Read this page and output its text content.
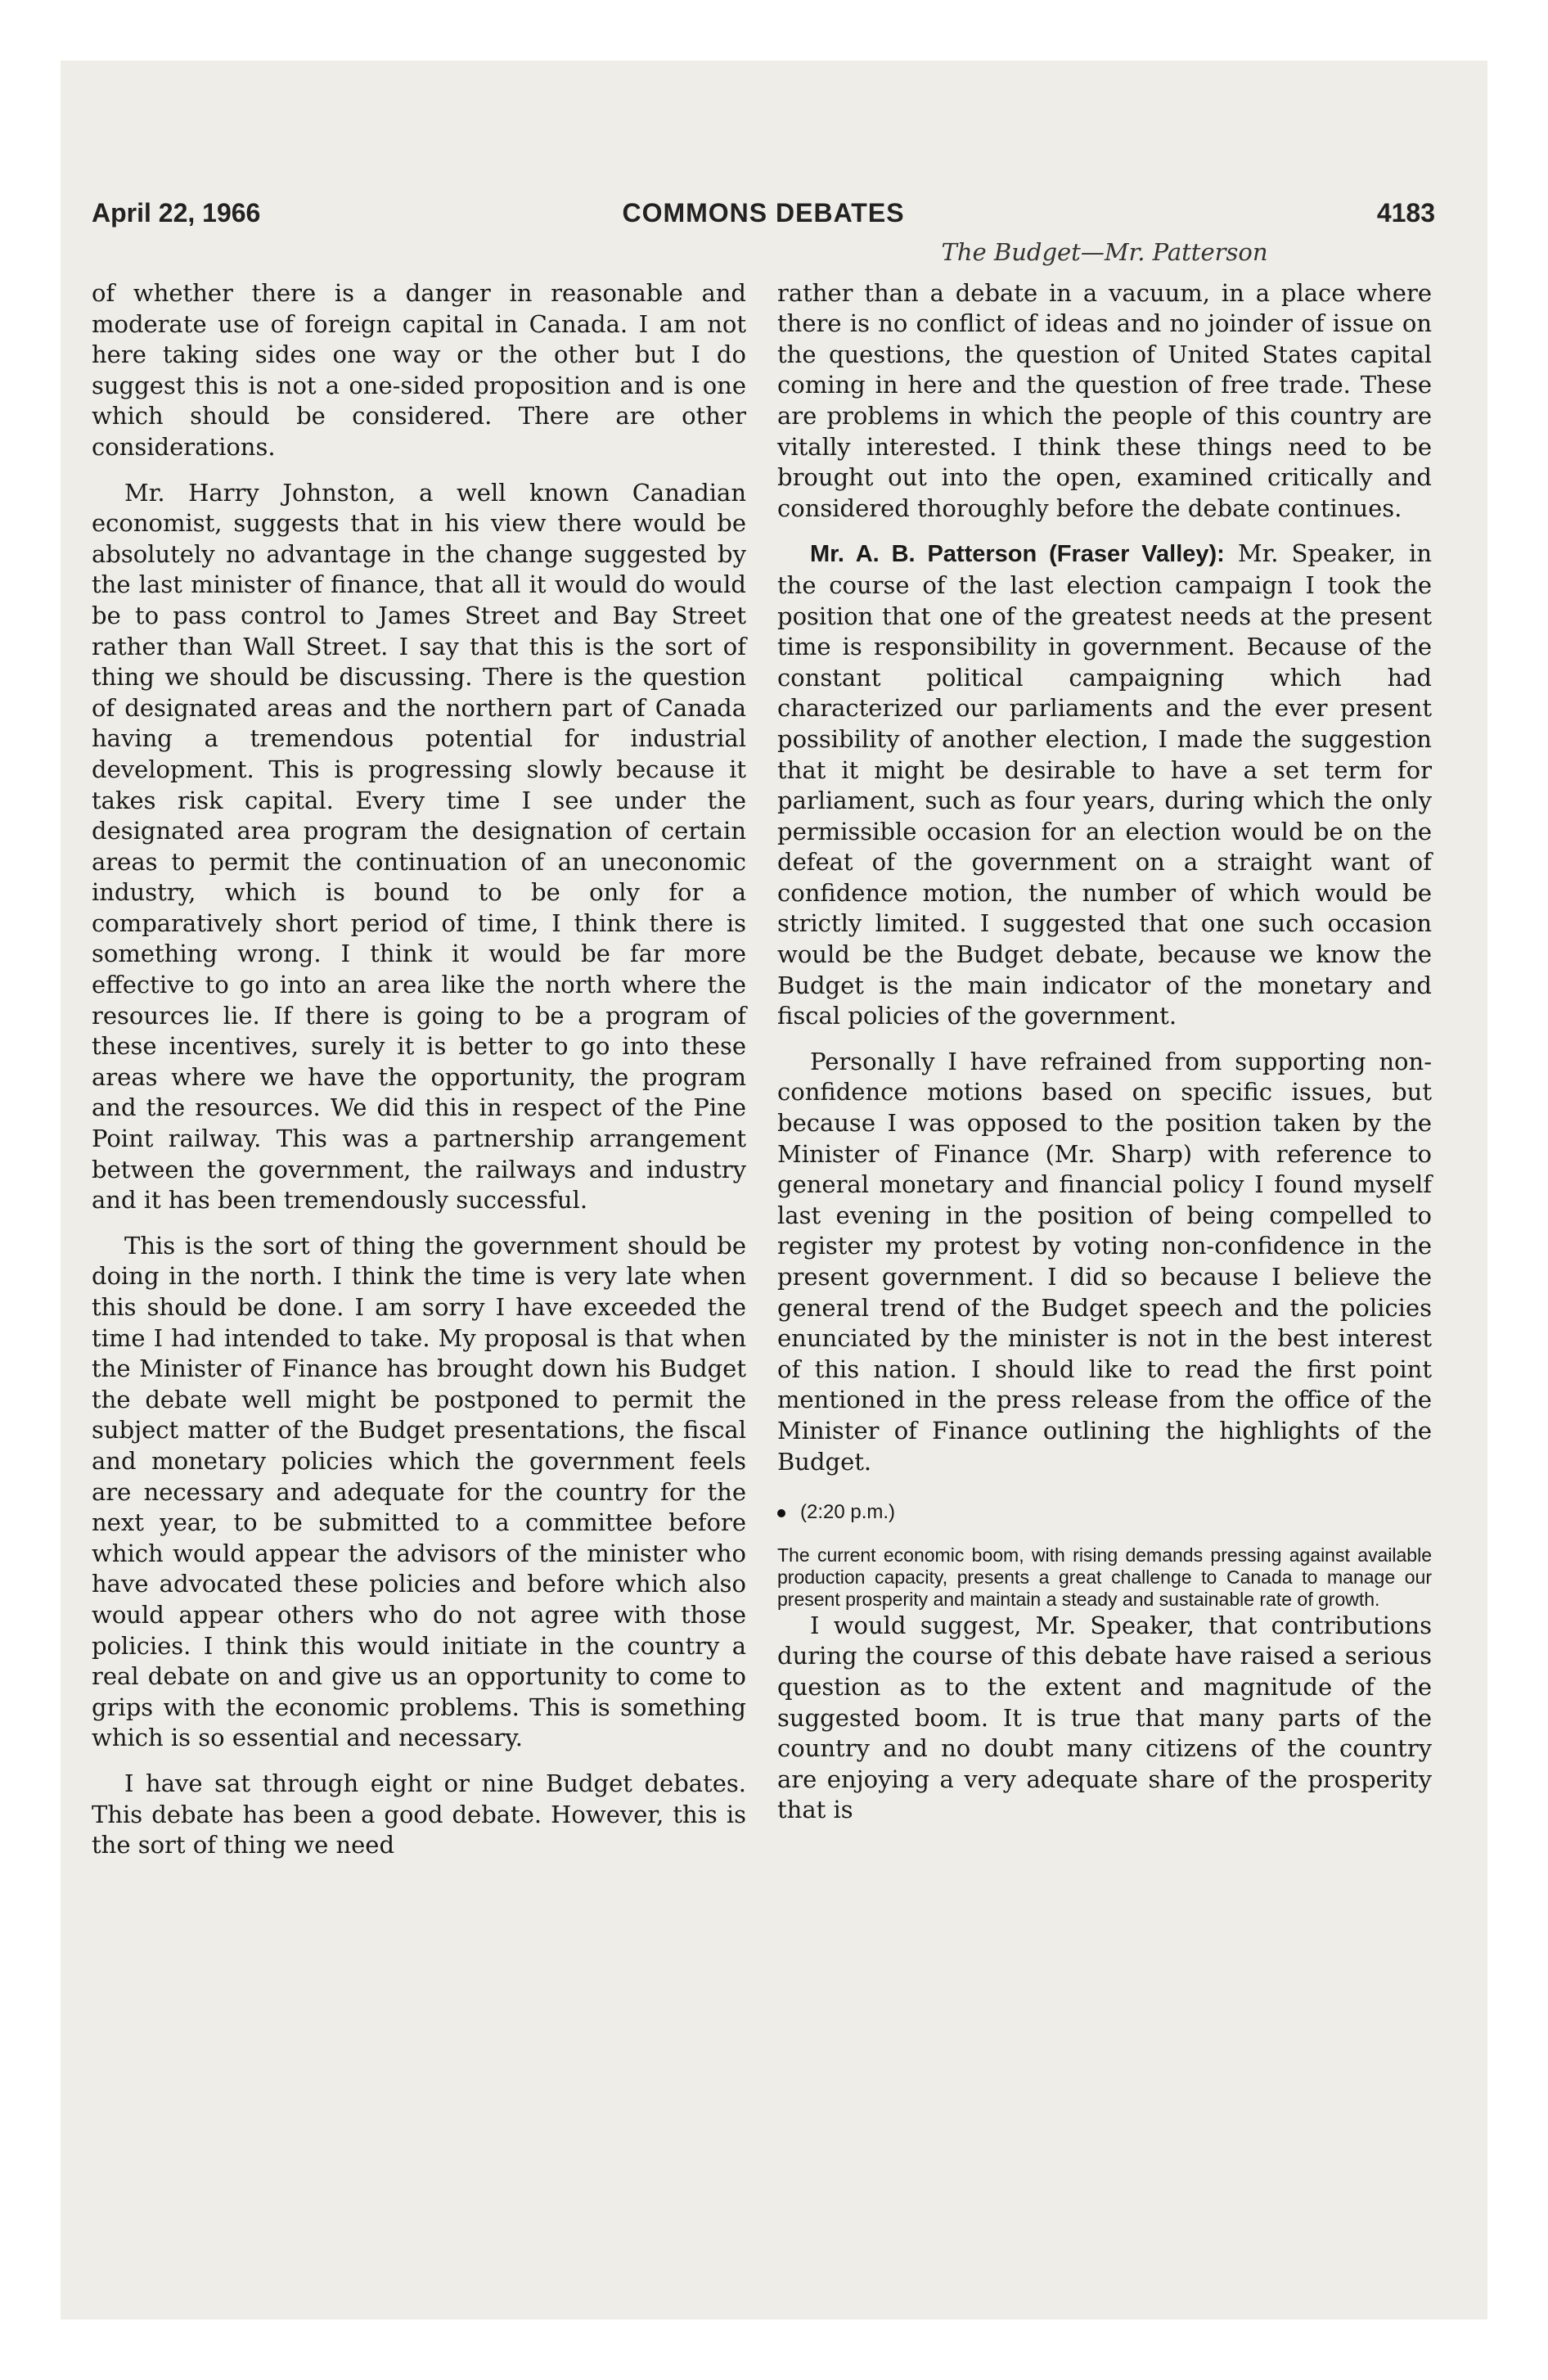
April 22, 1966	COMMONS DEBATES	4183

of whether there is a danger in reasonable and moderate use of foreign capital in Canada. I am not here taking sides one way or the other but I do suggest this is not a one-sided proposition and is one which should be considered. There are other considerations.

Mr. Harry Johnston, a well known Canadian economist, suggests that in his view there would be absolutely no advantage in the change suggested by the last minister of finance, that all it would do would be to pass control to James Street and Bay Street rather than Wall Street. I say that this is the sort of thing we should be discussing. There is the question of designated areas and the northern part of Canada having a tremendous potential for industrial development. This is progressing slowly because it takes risk capital. Every time I see under the designated area program the designation of certain areas to permit the continuation of an uneconomic industry, which is bound to be only for a comparatively short period of time, I think there is something wrong. I think it would be far more effective to go into an area like the north where the resources lie. If there is going to be a program of these incentives, surely it is better to go into these areas where we have the opportunity, the program and the resources. We did this in respect of the Pine Point railway. This was a partnership arrangement between the government, the railways and industry and it has been tremendously successful.

This is the sort of thing the government should be doing in the north. I think the time is very late when this should be done. I am sorry I have exceeded the time I had intended to take. My proposal is that when the Minister of Finance has brought down his Budget the debate well might be postponed to permit the subject matter of the Budget presentations, the fiscal and monetary policies which the government feels are necessary and adequate for the country for the next year, to be submitted to a committee before which would appear the advisors of the minister who have advocated these policies and before which also would appear others who do not agree with those policies. I think this would initiate in the country a real debate on and give us an opportunity to come to grips with the economic problems. This is something which is so essential and necessary.

I have sat through eight or nine Budget debates. This debate has been a good debate. However, this is the sort of thing we need

The Budget—Mr. Patterson

rather than a debate in a vacuum, in a place where there is no conflict of ideas and no joinder of issue on the questions, the question of United States capital coming in here and the question of free trade. These are problems in which the people of this country are vitally interested. I think these things need to be brought out into the open, examined critically and considered thoroughly before the debate continues.

Mr. A. B. Patterson (Fraser Valley): Mr. Speaker, in the course of the last election campaign I took the position that one of the greatest needs at the present time is responsibility in government. Because of the constant political campaigning which had characterized our parliaments and the ever present possibility of another election, I made the suggestion that it might be desirable to have a set term for parliament, such as four years, during which the only permissible occasion for an election would be on the defeat of the government on a straight want of confidence motion, the number of which would be strictly limited. I suggested that one such occasion would be the Budget debate, because we know the Budget is the main indicator of the monetary and fiscal policies of the government.

Personally I have refrained from supporting non-confidence motions based on specific issues, but because I was opposed to the position taken by the Minister of Finance (Mr. Sharp) with reference to general monetary and financial policy I found myself last evening in the position of being compelled to register my protest by voting non-confidence in the present government. I did so because I believe the general trend of the Budget speech and the policies enunciated by the minister is not in the best interest of this nation. I should like to read the first point mentioned in the press release from the office of the Minister of Finance outlining the highlights of the Budget.

(2:20 p.m.)

The current economic boom, with rising demands pressing against available production capacity, presents a great challenge to Canada to manage our present prosperity and maintain a steady and sustainable rate of growth.

I would suggest, Mr. Speaker, that contributions during the course of this debate have raised a serious question as to the extent and magnitude of the suggested boom. It is true that many parts of the country and no doubt many citizens of the country are enjoying a very adequate share of the prosperity that is
